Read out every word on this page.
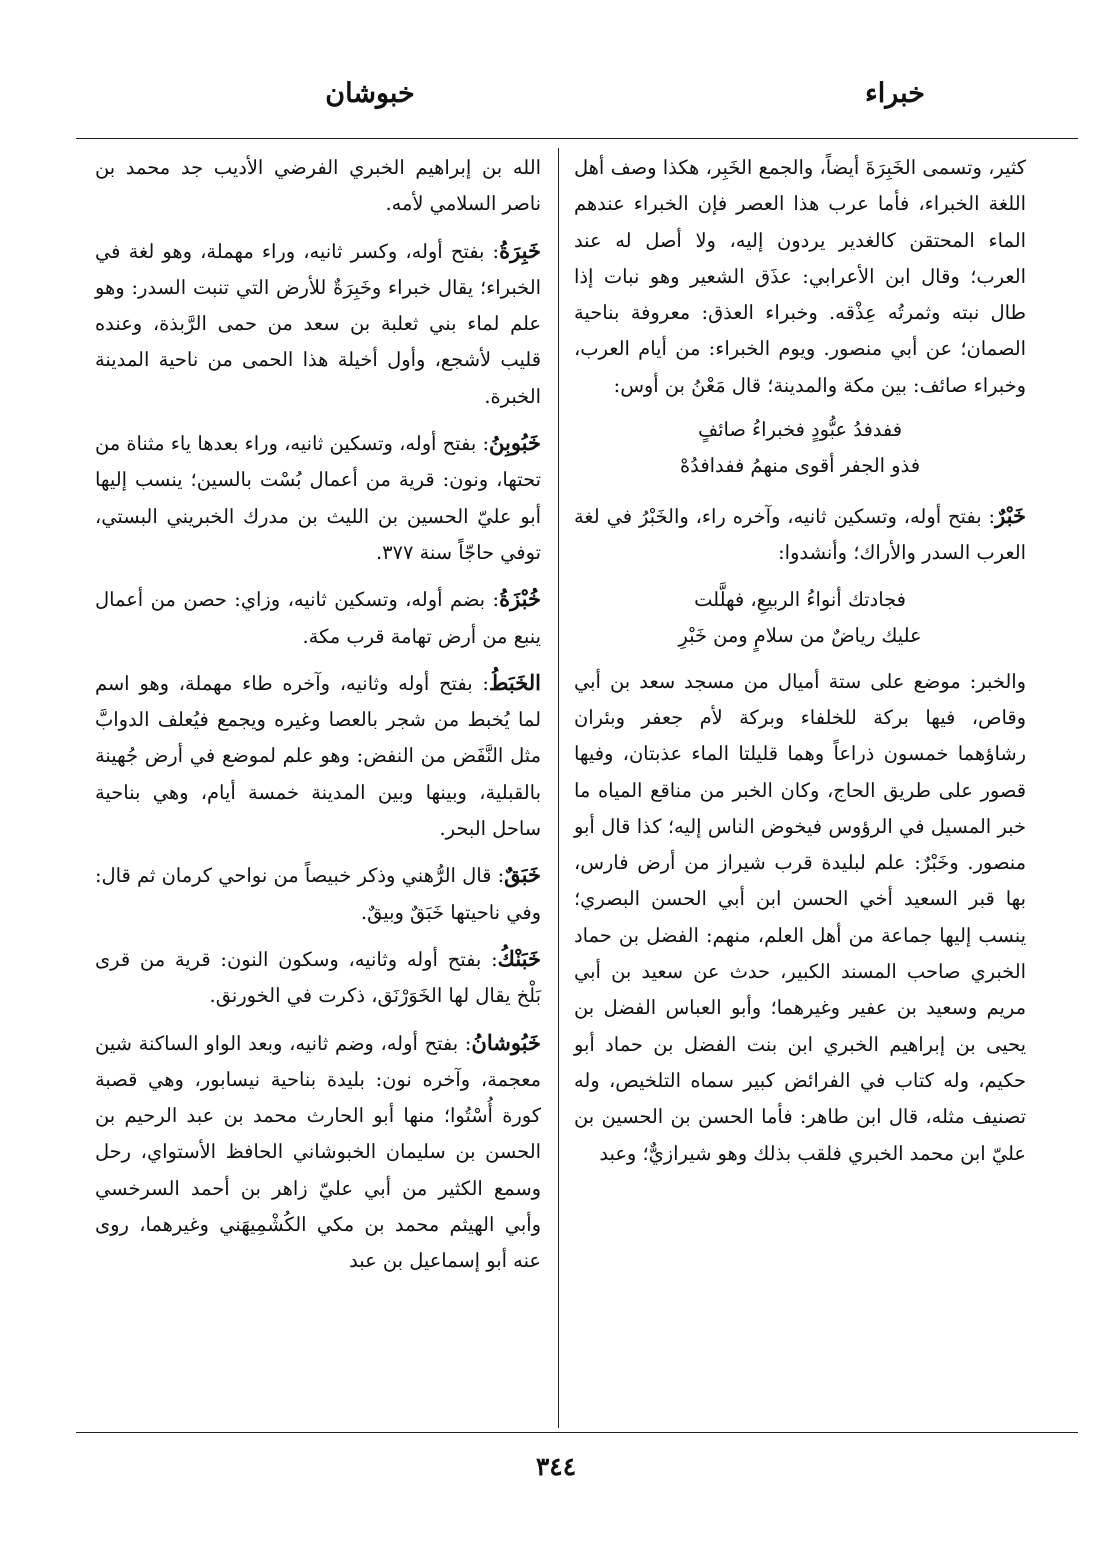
خبراء
خبوشان

كثير، وتسمى الخَبِرَةَ أيضاً، والجمع الخَبِر، هكذا وصف أهل اللغة الخبراء، فأما عرب هذا العصر فإن الخبراء عندهم الماء المحتقن كالغدير يردون إليه، ولا أصل له عند العرب؛ وقال ابن الأعرابي: عذَق الشعير وهو نبات إذا طال نبته وثمرتُه عِذْقه. وخبراء العذق: معروفة بناحية الصمان؛ عن أبي منصور. ويوم الخبراء: من أيام العرب، وخبراء صائف: بين مكة والمدينة؛ قال مَعْنُ بن أوس:

ففدفدُ عبُّودٍ فخبراءُ صائفٍ
فذو الجفر أقوى منهمُ ففدافدُهْ

خَبْرٌ: بفتح أوله، وتسكين ثانيه، وآخره راء، والخَبْرُ في لغة العرب السدر والأراك؛ وأنشدوا:

فجادتك أنواءُ الربيعِ، فهلَّلت
عليك رياضٌ من سلامٍ ومن خَبْرِ

والخبر: موضع على ستة أميال من مسجد سعد بن أبي وقاص، فيها بركة للخلفاء وبركة لأم جعفر وبئران رشاؤهما خمسون ذراعاً وهما قليلتا الماء عذبتان، وفيها قصور على طريق الحاج، وكان الخبر من مناقع المياه ما خبر المسيل في الرؤوس فيخوض الناس إليه؛ كذا قال أبو منصور. وخَبْرٌ: علم لبليدة قرب شيراز من أرض فارس، بها قبر السعيد أخي الحسن ابن أبي الحسن البصري؛ ينسب إليها جماعة من أهل العلم، منهم: الفضل بن حماد الخبري صاحب المسند الكبير، حدث عن سعيد بن أبي مريم وسعيد بن عفير وغيرهما؛ وأبو العباس الفضل بن يحيى بن إبراهيم الخبري ابن بنت الفضل بن حماد أبو حكيم، وله كتاب في الفرائض كبير سماه التلخيص، وله تصنيف مثله، قال ابن طاهر: فأما الحسن بن الحسين بن عليّ ابن محمد الخبري فلقب بذلك وهو شيرازيٌّ؛ وعبد

الله بن إبراهيم الخبري الفرضي الأديب جد محمد بن ناصر السلامي لأمه.

خَبِرَةُ: بفتح أوله، وكسر ثانيه، وراء مهملة، وهو لغة في الخبراء؛ يقال خبراء وخَبِرَةٌ للأرض التي تنبت السدر: وهو علم لماء بني ثعلبة بن سعد من حمى الرَّبذة، وعنده قليب لأشجع، وأول أخيلة هذا الحمى من ناحية المدينة الخبرة.

خَبُوبِنُ: بفتح أوله، وتسكين ثانيه، وراء بعدها ياء مثناة من تحتها، ونون: قرية من أعمال بُسْت بالسين؛ ينسب إليها أبو عليّ الحسين بن الليث بن مدرك الخبريني البستي، توفي حاجّاً سنة ٣٧٧.

خُبْزَةُ: بضم أوله، وتسكين ثانيه، وزاي: حصن من أعمال ينبع من أرض تهامة قرب مكة.

الخَبَطُ: بفتح أوله وثانيه، وآخره طاء مهملة، وهو اسم لما يُخبط من شجر بالعصا وغيره ويجمع فيُعلف الدوابَّ مثل النَّفَض من النفض: وهو علم لموضع في أرض جُهينة بالقبلية، وبينها وبين المدينة خمسة أيام، وهي بناحية ساحل البحر.

خَبَقٌ: قال الرُّهني وذكر خبيصاً من نواحي كرمان ثم قال: وفي ناحيتها خَبَقٌ وبيقٌ.

خَبَنْكُ: بفتح أوله وثانيه، وسكون النون: قرية من قرى بَلْخ يقال لها الخَوَرْنَق، ذكرت في الخورنق.

خَبُوشانُ: بفتح أوله، وضم ثانيه، وبعد الواو الساكنة شين معجمة، وآخره نون: بليدة بناحية نيسابور، وهي قصبة كورة أُسْتُوا؛ منها أبو الحارث محمد بن عبد الرحيم بن الحسن بن سليمان الخبوشاني الحافظ الأستواي، رحل وسمع الكثير من أبي عليّ زاهر بن أحمد السرخسي وأبي الهيثم محمد بن مكي الكُشْمِيهَني وغيرهما، روى عنه أبو إسماعيل بن عبد

٣٤٤
